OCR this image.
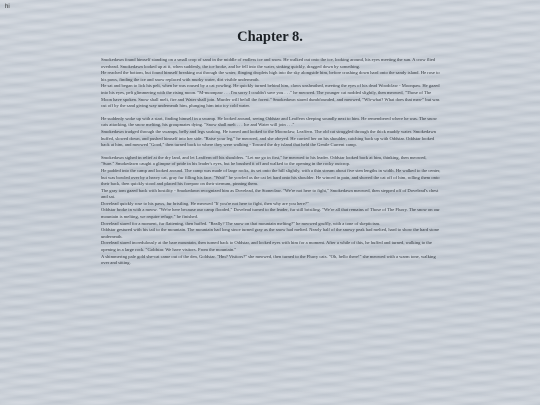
hi
Chapter 8.

Smokedawn found himself standing on a small crop of sand in the middle of endless ice and snow. He walked out onto the ice, looking around, his eyes meeting the sun. A crow flied overhead. Smokedawn looked up at it, when suddenly, the ice broke, and he fell into the water, sinking quickly, dragged down by something.

He reached the bottom, but found himself breaking out through the water, flinging droplets high into the sky alongside him, before crashing down hard onto the sandy island. He rose to his paws, finding the ice and snow replaced with murky water, dirt visible underneath.

He sat and began to lick his pelt, when he was roused by a cat yowling. He quickly turned behind him, claws unsheathed, meeting the eyes of his dead Woodclaw - Moonpaw. He gazed into his eyes, pelt glimmering with the rising moon. "M-moonpaw . . . I'm sorry I couldn't save you . . ." he meowed. The younger cat nodded slightly, then meowed, "Those of The Moon have spoken. Snow shall melt, fire and Water shall join. Murder will befall the forest." Smokedawn stared dumbfounded, and meowed, "Wh-what? What does that mea-" but was cut off by the sand giving way underneath him, plunging him into icy cold water.

He suddenly woke up with a start, finding himself in a swamp. He looked around, seeing Oddstar and Leaffern sleeping soundly next to him. He remembered where he was. The snow cats attacking, the snow melting, his groupmates dying. "Snow shall melt . . . Ice and Water will join . . ."

Smokedawn trudged through the swamps, belly and legs soaking. He turned and looked to the Moonclaw, Leaffern. The old cat struggled through the thick muddy water. Smokedawn huffed, slowed down, and pushed himself into her side. "Raise your leg," he meowed, and she obeyed. He carried her on his shoulder, catching back up with Oddstar. Oddstar looked back at him, and meowed "Good," then turned back to where they were walking - Toward the dry island that held the Gentle Current camp.

Smokedawn sighed in relief at the dry land, and let Leaffern off his shoulders. "Let me go in first," he meowed to his leader. Oddstar looked back at him, thinking, then meowed, "Sure." Smokedawn caught a glimpse of pride in his leader's eyes, but he brushed it off and walked to the opening in the rocky outcrop.

He padded into the camp and looked around. The camp was made of large rocks, its set onto the hill slightly, with a thin stream about five sten lengths in width. He walked to the center, but was bowled over by a heavy cat, gray fur filling his face. "Wait!" he yowled as the cat let hard onto his shoulder. He winced in pain, and shoved the cat off of him, rolling them onto their back, then quickly stood and placed his forepaw on their sternum, pinning them.

The gray tom gazed back with hostility - Smokedawn recognized him as Dovelead, the Stoneclaw. "We're not here to fight," Smokedawn meowed, then stepped off of Dovelead's chest and sat.

Dovelead quickly rose to his paws, fur bristling. He meowed "If you're not here to fight, then why are you here?"

Oddstar broke in with a meow. "We're here because our camp flooded," Dovelead turned to the leader, fur still bristling. "We're all that remains of Those of The Flurry. The snow on our mountain is melting, we require refuge," he finished.

Dovelead stared for a moment, fur flattening, then huffed. "Really? The snow on that mountain melting?" he meowed gruffly, with a tone of skepticism.

Oddstar gestured with his tail to the mountain. The mountain had long since turned gray as the snow had melted. Nearly half of the snowy peak had melted, hard to show the hard stone underneath.

Dovelead stared incredulously at the bare mountain, then turned back to Oddstar, and locked eyes with him for a moment. After a while of this, he huffed and turned, walking to the opening in a large rock. "Goldstar. We have visitors. From the mountain."

A shimmering pale gold she-cat came out of the den, Goldstar. "Hm? Visitors?" she meowed, then turned to the Flurry cats. "Oh, hello there!" she meowed with a warm tone, walking over and sitting.
